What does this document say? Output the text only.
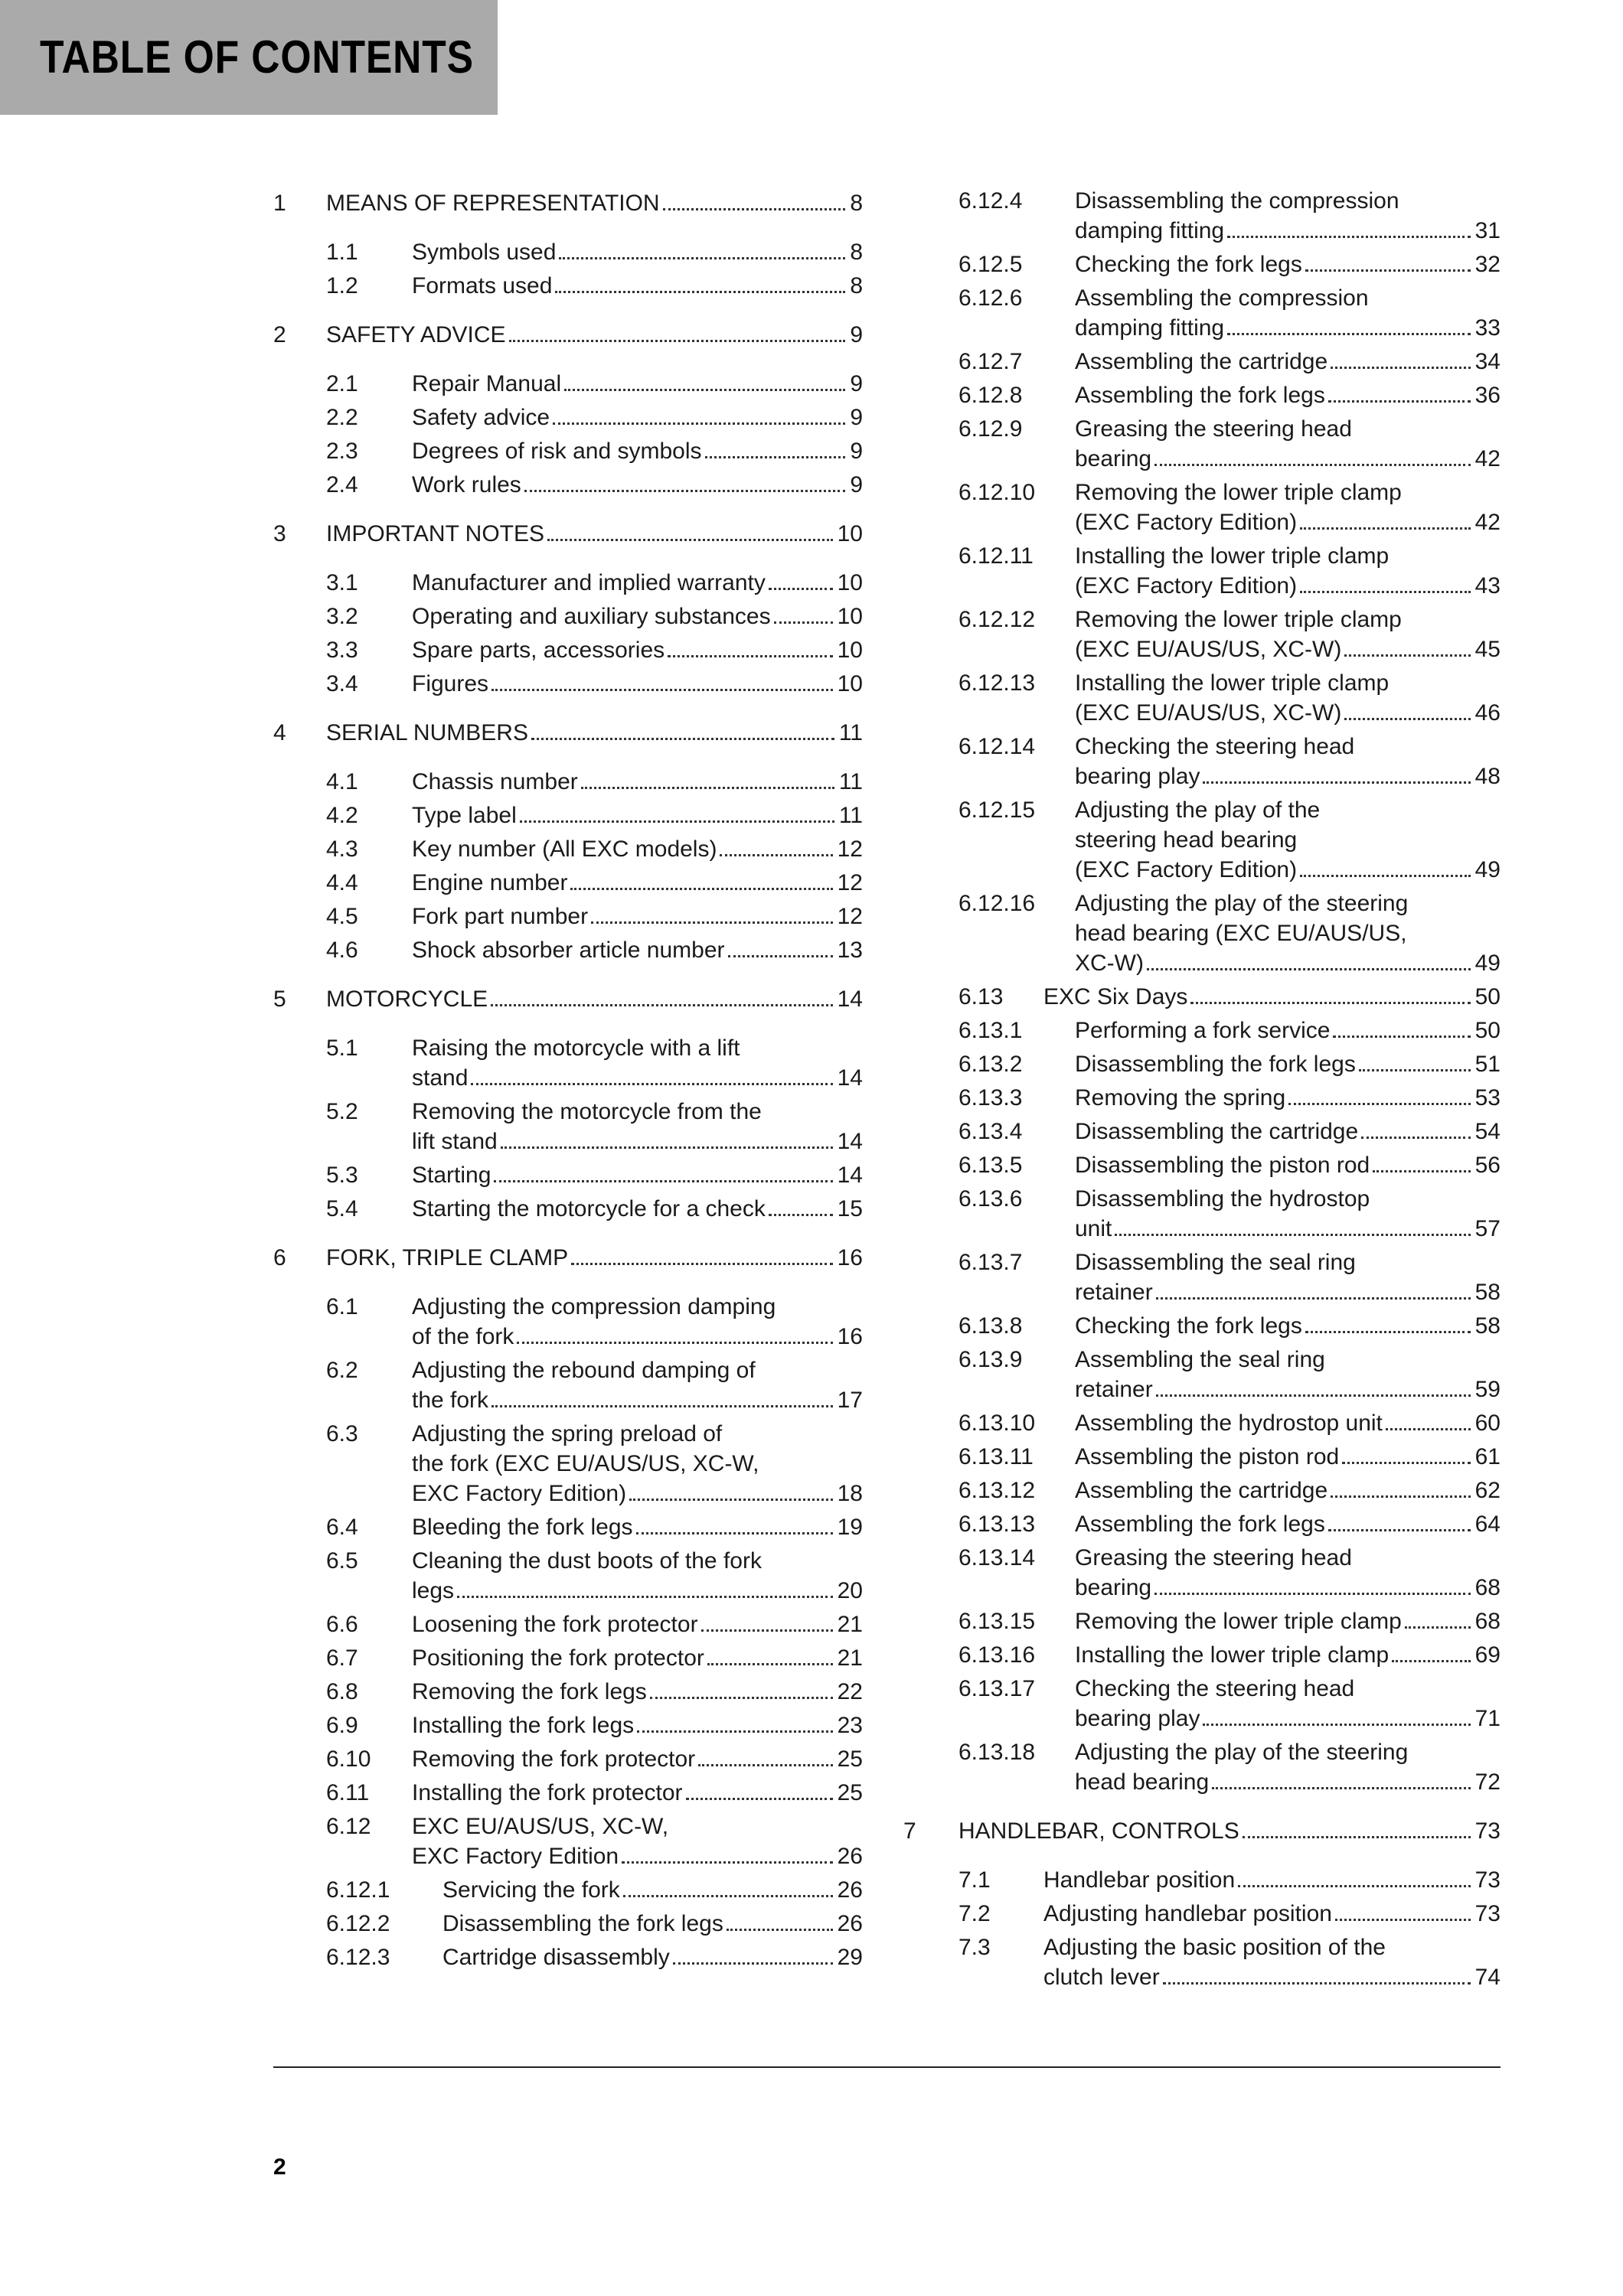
TABLE OF CONTENTS
1 MEANS OF REPRESENTATION	8
1.1 Symbols used	8
1.2 Formats used	8
2 SAFETY ADVICE	9
2.1 Repair Manual	9
2.2 Safety advice	9
2.3 Degrees of risk and symbols	9
2.4 Work rules	9
3 IMPORTANT NOTES	10
3.1 Manufacturer and implied warranty	10
3.2 Operating and auxiliary substances	10
3.3 Spare parts, accessories	10
3.4 Figures	10
4 SERIAL NUMBERS	11
4.1 Chassis number	11
4.2 Type label	11
4.3 Key number (All EXC models)	12
4.4 Engine number	12
4.5 Fork part number	12
4.6 Shock absorber article number	13
5 MOTORCYCLE	14
5.1 Raising the motorcycle with a lift
stand	14
5.2 Removing the motorcycle from the
lift stand	14
5.3 Starting	14
5.4 Starting the motorcycle for a check	15
6 FORK, TRIPLE CLAMP	16
6.1 Adjusting the compression damping
of the fork	16
6.2 Adjusting the rebound damping of
the fork	17
6.3 Adjusting the spring preload of
the fork (EXC EU/AUS/US, XC-W,
EXC Factory Edition)	18
6.4 Bleeding the fork legs	19
6.5 Cleaning the dust boots of the fork
legs	20
6.6 Loosening the fork protector	21
6.7 Positioning the fork protector	21
6.8 Removing the fork legs	22
6.9 Installing the fork legs	23
6.10 Removing the fork protector	25
6.11 Installing the fork protector	25
6.12 EXC EU/AUS/US, XC-W,
EXC Factory Edition	26
6.12.1 Servicing the fork	26
6.12.2 Disassembling the fork legs	26
6.12.3 Cartridge disassembly	29
6.12.4 Disassembling the compression
damping fitting	31
6.12.5 Checking the fork legs	32
6.12.6 Assembling the compression
damping fitting	33
6.12.7 Assembling the cartridge	34
6.12.8 Assembling the fork legs	36
6.12.9 Greasing the steering head
bearing	42
6.12.10 Removing the lower triple clamp
(EXC Factory Edition)	42
6.12.11 Installing the lower triple clamp
(EXC Factory Edition)	43
6.12.12 Removing the lower triple clamp
(EXC EU/AUS/US, XC-W)	45
6.12.13 Installing the lower triple clamp
(EXC EU/AUS/US, XC-W)	46
6.12.14 Checking the steering head
bearing play	48
6.12.15 Adjusting the play of the
steering head bearing
(EXC Factory Edition)	49
6.12.16 Adjusting the play of the steering
head bearing (EXC EU/AUS/US,
XC-W)	49
6.13 EXC Six Days	50
6.13.1 Performing a fork service	50
6.13.2 Disassembling the fork legs	51
6.13.3 Removing the spring	53
6.13.4 Disassembling the cartridge	54
6.13.5 Disassembling the piston rod	56
6.13.6 Disassembling the hydrostop
unit	57
6.13.7 Disassembling the seal ring
retainer	58
6.13.8 Checking the fork legs	58
6.13.9 Assembling the seal ring
retainer	59
6.13.10 Assembling the hydrostop unit	60
6.13.11 Assembling the piston rod	61
6.13.12 Assembling the cartridge	62
6.13.13 Assembling the fork legs	64
6.13.14 Greasing the steering head
bearing	68
6.13.15 Removing the lower triple clamp	68
6.13.16 Installing the lower triple clamp	69
6.13.17 Checking the steering head
bearing play	71
6.13.18 Adjusting the play of the steering
head bearing	72
7 HANDLEBAR, CONTROLS	73
7.1 Handlebar position	73
7.2 Adjusting handlebar position	73
7.3 Adjusting the basic position of the
clutch lever	74
2
